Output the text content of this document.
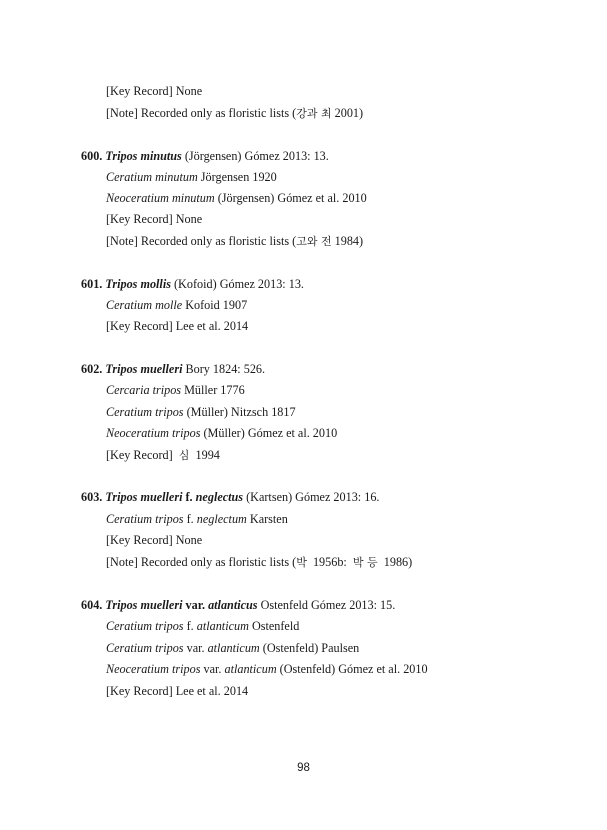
[Key Record] None
[Note] Recorded only as floristic lists (강과 최 2001)
600. Tripos minutus (Jörgensen) Gómez 2013: 13.
Ceratium minutum Jörgensen 1920
Neoceratium minutum (Jörgensen) Gómez et al. 2010
[Key Record] None
[Note] Recorded only as floristic lists (고와 전 1984)
601. Tripos mollis (Kofoid) Gómez 2013: 13.
Ceratium molle Kofoid 1907
[Key Record] Lee et al. 2014
602. Tripos muelleri Bory 1824: 526.
Cercaria tripos Müller 1776
Ceratium tripos (Müller) Nitzsch 1817
Neoceratium tripos (Müller) Gómez et al. 2010
[Key Record]  심  1994
603. Tripos muelleri f. neglectus (Kartsen) Gómez 2013: 16.
Ceratium tripos f. neglectum Karsten
[Key Record] None
[Note] Recorded only as floristic lists (박  1956b:  박 등  1986)
604. Tripos muelleri var. atlanticus Ostenfeld Gómez 2013: 15.
Ceratium tripos f. atlanticum Ostenfeld
Ceratium tripos var. atlanticum (Ostenfeld) Paulsen
Neoceratium tripos var. atlanticum (Ostenfeld) Gómez et al. 2010
[Key Record] Lee et al. 2014
98
